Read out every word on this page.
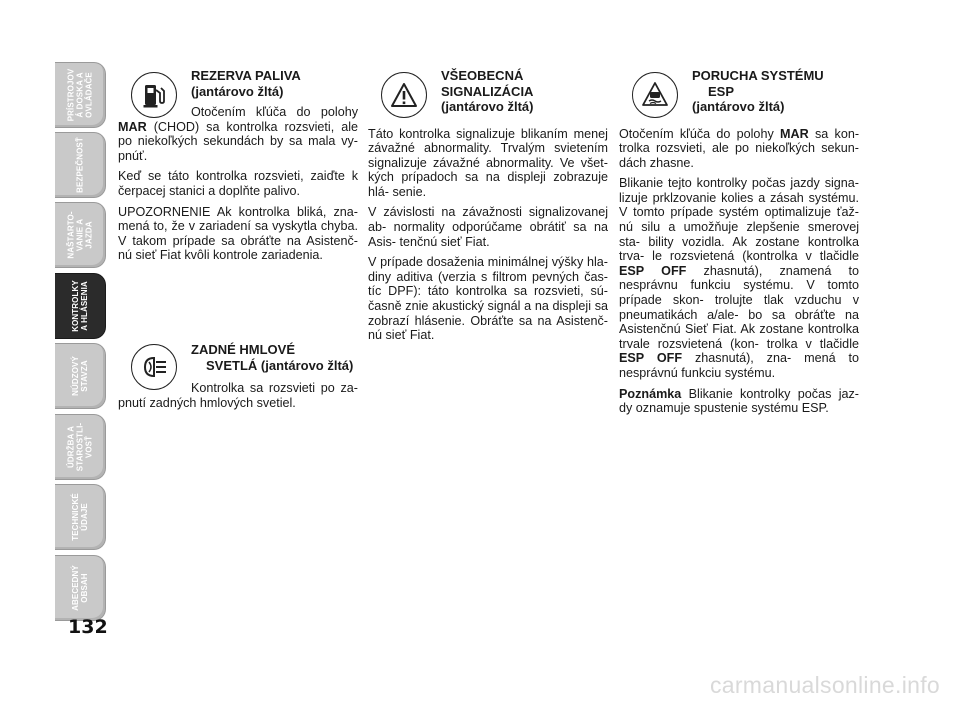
PRÍSTROJOV
Á DOSKA A
OVLÁDAČE
BEZPEČNOSŤ
NAŠTARTO-
VANIE A
JAZDA
KONTROLKY
A HLÁSENIA
NÚDZOVÝ
STAVZA
ÚDRŽBA A
STAROSTLI-
VOSŤ
TECHNICKÉ
ÚDAJE
ABECEDNÝ
OBSAH
132
REZERVA PALIVA
(jantárovo žltá)

Otočením kľúča do polohy MAR (CHOD) sa kontrolka rozsvieti, ale po niekoľkých sekundách by sa mala vy- pnúť.

Keď se táto kontrolka rozsvieti, zaiďte k čerpacej stanici a doplňte palivo.

UPOZORNENIE Ak kontrolka bliká, zna- mená to, že v zariadení sa vyskytla chyba. V takom prípade sa obráťte na Asistenč- nú sieť Fiat kvôli kontrole zariadenia.

ZADNÉ HMLOVÉ
SVETLÁ (jantárovo žltá)

Kontrolka sa rozsvieti po za- pnutí zadných hmlových svetiel.

VŠEOBECNÁ
SIGNALIZÁCIA
(jantárovo žltá)

Táto kontrolka signalizuje blikaním menej závažné abnormality. Trvalým svietením signalizuje závažné abnormality. Ve všet- kých prípadoch sa na displeji zobrazuje hlá- senie.

V závislosti na závažnosti signalizovanej ab- normality odporúčame obrátiť sa na Asis- tenčnú sieť Fiat.

V prípade dosaženia minimálnej výšky hla- diny aditiva (verzia s filtrom pevných čas- tíc DPF): táto kontrolka sa rozsvieti, sú- časně znie akustický signál a na displeji sa zobrazí hlásenie. Obráťte sa na Asistenč- nú sieť Fiat.

PORUCHA SYSTÉMU
ESP
(jantárovo žltá)

Otočením kľúča do polohy MAR sa kon- trolka rozsvieti, ale po niekoľkých sekun- dách zhasne.

Blikanie tejto kontrolky počas jazdy signa- lizuje prklzovanie kolies a zásah systému. V tomto prípade systém optimalizuje ťaž- nú silu a umožňuje zlepšenie smerovej sta- bility vozidla. Ak zostane kontrolka trva- le rozsvietená (kontrolka v tlačidle ESP OFF zhasnutá), znamená to nesprávnu funkciu systému. V tomto prípade skon- trolujte tlak vzduchu v pneumatikách a/ale- bo sa obráťte na Asistenčnú Sieť Fiat. Ak zostane kontrolka trvale rozsvietená (kon- trolka v tlačidle ESP OFF zhasnutá), zna- mená to nesprávnú funkciu systému.

Poznámka Blikanie kontrolky počas jaz- dy oznamuje spustenie systému ESP.

carmanualsonline.info
